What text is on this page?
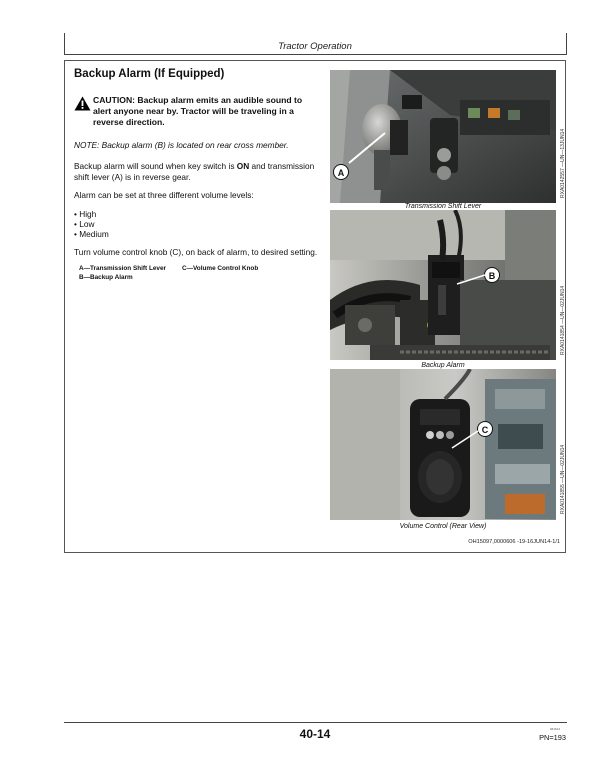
Tractor Operation
Backup Alarm (If Equipped)
CAUTION: Backup alarm emits an audible sound to alert anyone near by. Tractor will be traveling in a reverse direction.
NOTE: Backup alarm (B) is located on rear cross member.
Backup alarm will sound when key switch is ON and transmission shift lever (A) is in reverse gear.
Alarm can be set at three different volume levels:
• High
• Low
• Medium
Turn volume control knob (C), on back of alarm, to desired setting.
A—Transmission Shift Lever
B—Backup Alarm
C—Volume Control Knob
Transmission Shift Lever
RXA0142557 —UN—13JUN14
A
B
Backup Alarm
RXA0141854 —UN—02JUN14
C
Volume Control (Rear View)
RXA0141855 —UN—02JUN14
OH15097,0000606 -19-16JUN14-1/1
40-14	061614
PN=193
